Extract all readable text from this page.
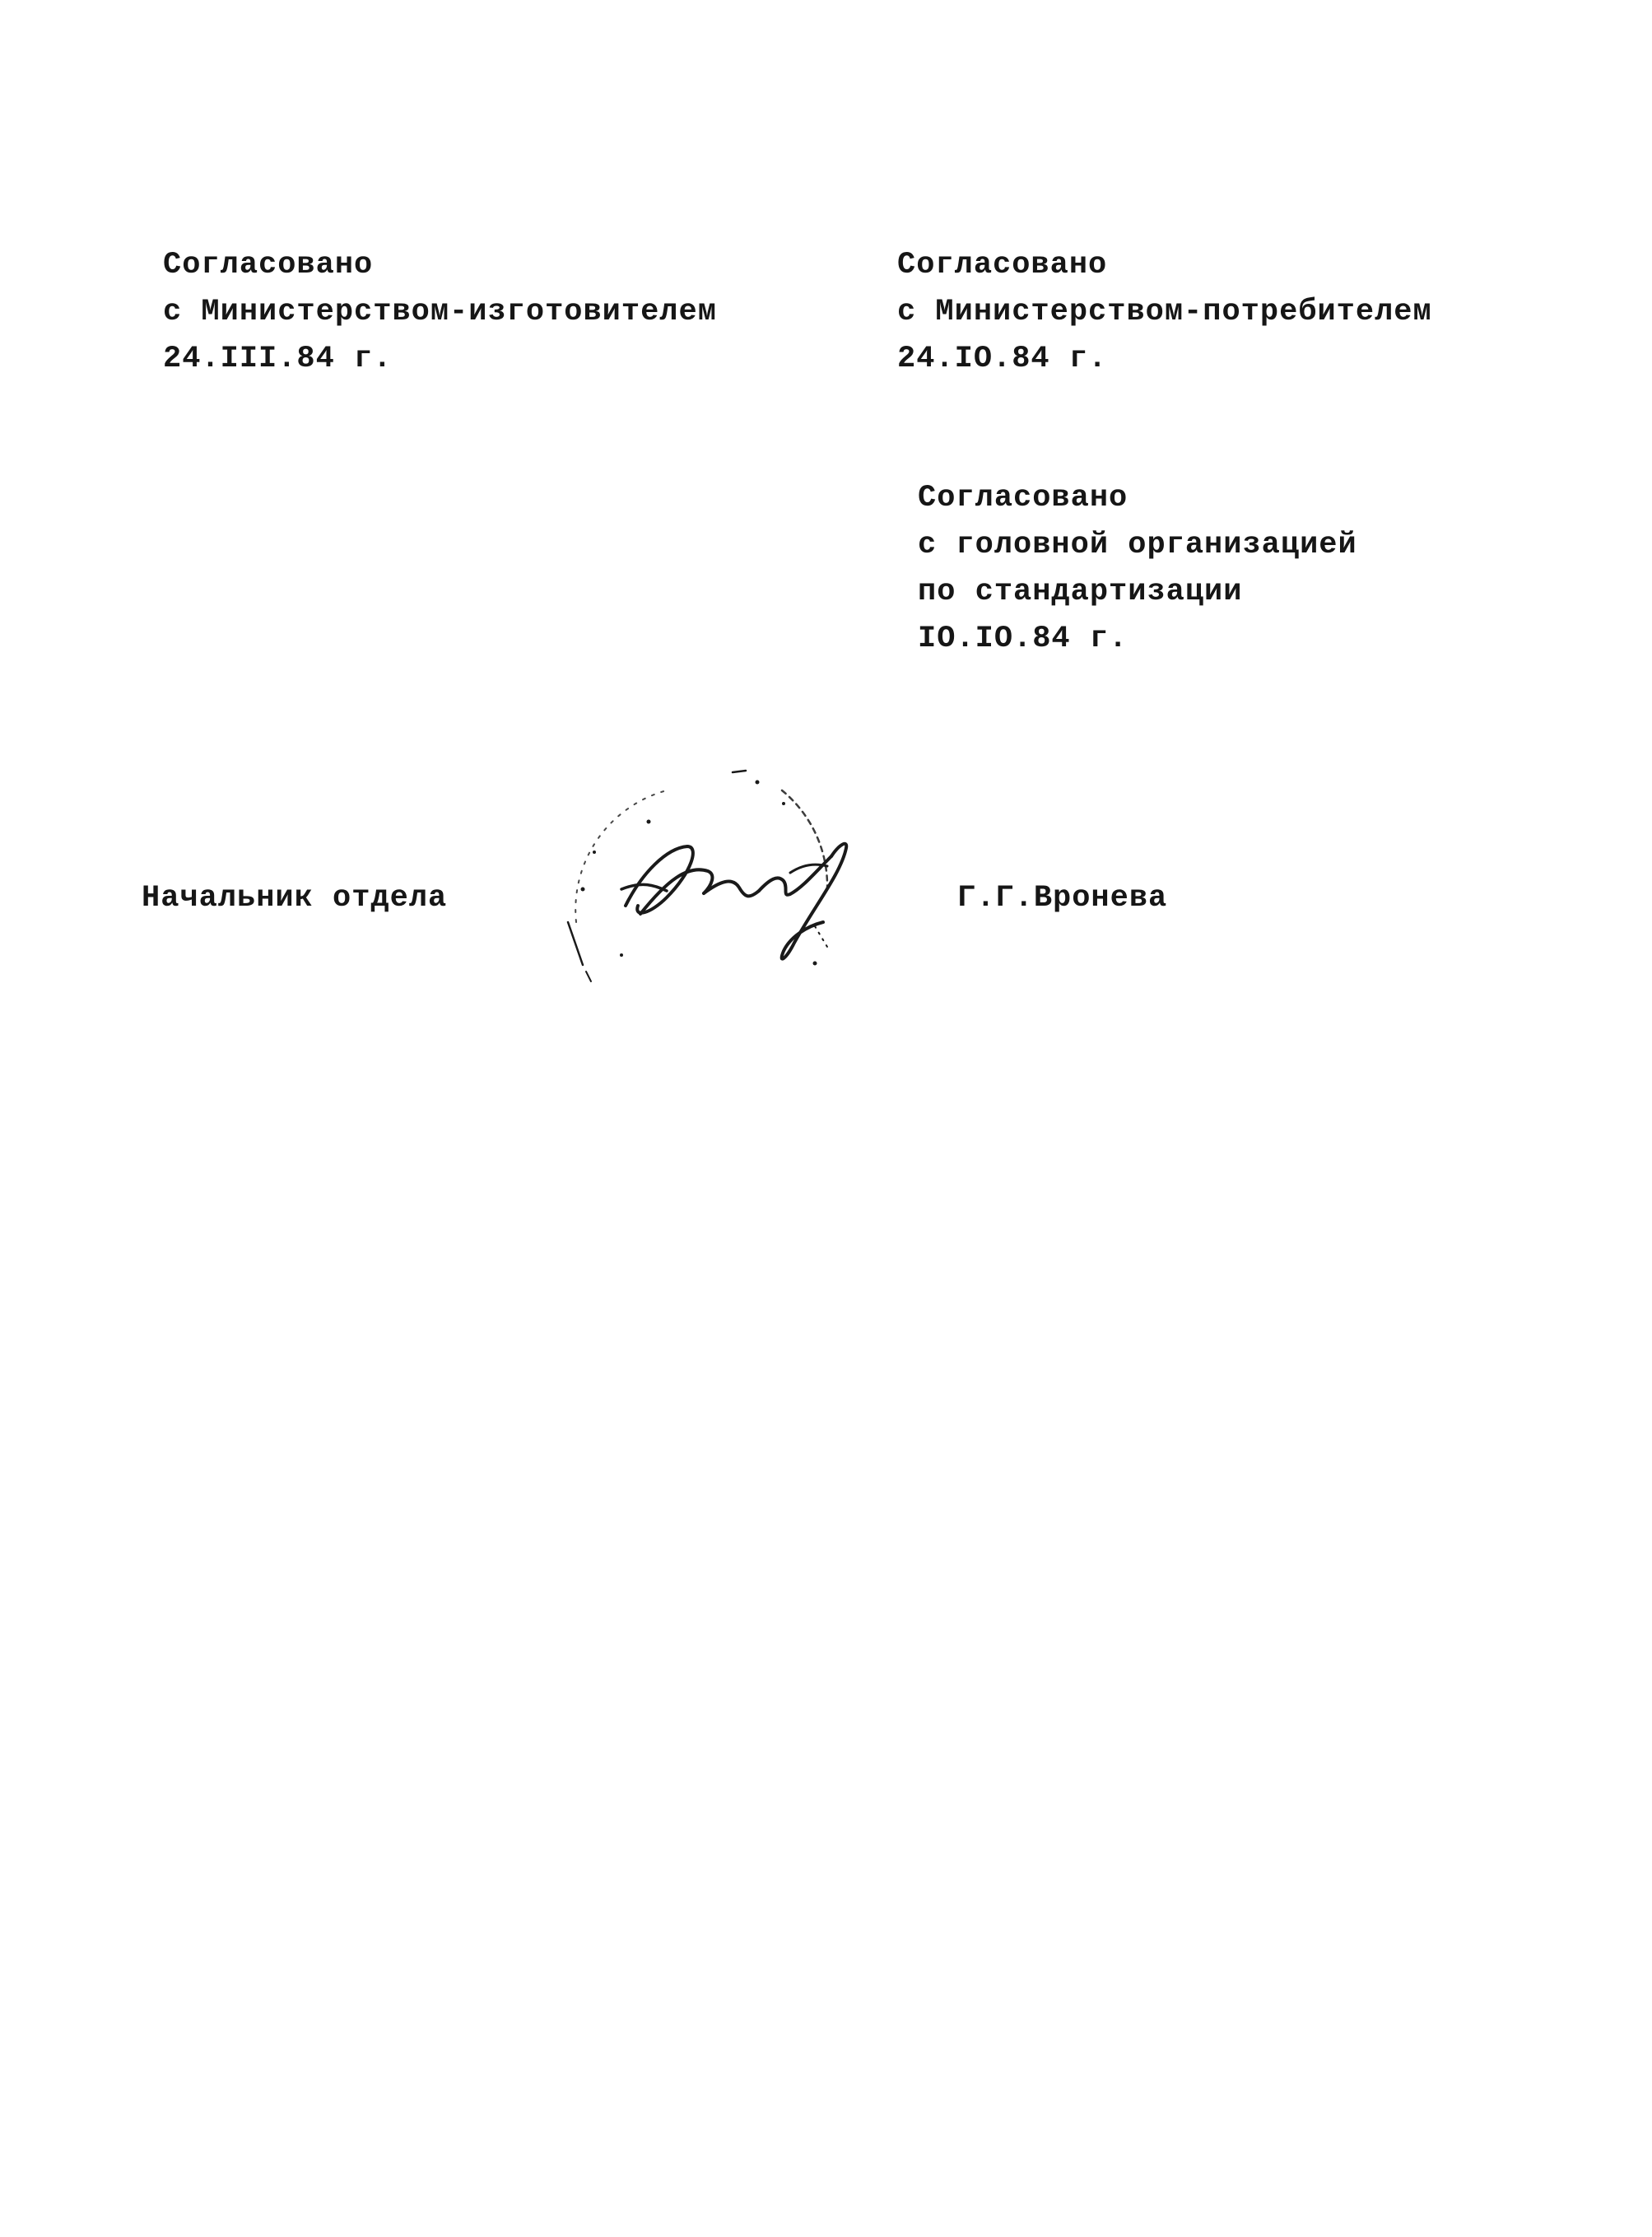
Согласовано
с Министерством-изготовителем
24.III.84 г.
Согласовано
с Министерством-потребителем
24.IO.84 г.
Согласовано
с головной организацией
по стандартизации
IO.IO.84 г.
Начальник отдела	Г.Г.Вронева
